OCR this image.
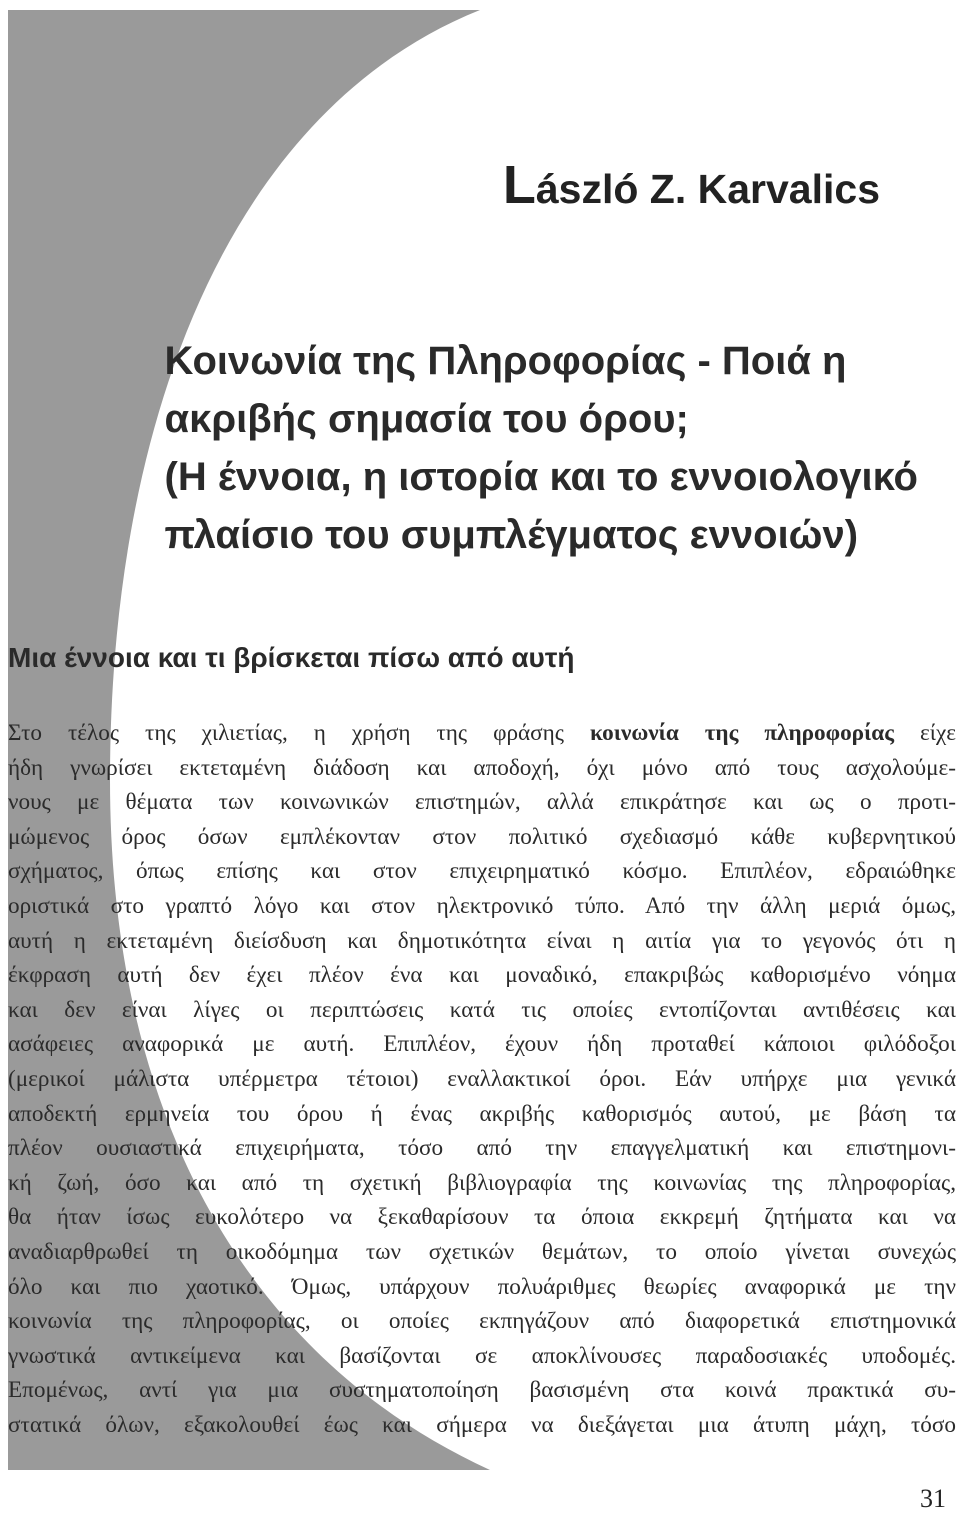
László Z. Karvalics
Κοινωνία της Πληροφορίας - Ποιά η
ακριβής σημασία του όρου;
(Η έννοια, η ιστορία και το εννοιολογικό
πλαίσιο του συμπλέγματος εννοιών)
Μια έννοια και τι βρίσκεται πίσω από αυτή
Στο τέλος της χιλιετίας, η χρήση της φράσης κοινωνία της πληροφορίας είχε
ήδη γνωρίσει εκτεταμένη διάδοση και αποδοχή, όχι μόνο από τους ασχολούμε-
νους με θέματα των κοινωνικών επιστημών, αλλά επικράτησε και ως ο προτι-
μώμενος όρος όσων εμπλέκονταν στον πολιτικό σχεδιασμό κάθε κυβερνητικού
σχήματος, όπως επίσης και στον επιχειρηματικό κόσμο. Επιπλέον, εδραιώθηκε
οριστικά στο γραπτό λόγο και στον ηλεκτρονικό τύπο. Από την άλλη μεριά όμως,
αυτή η εκτεταμένη διείσδυση και δημοτικότητα είναι η αιτία για το γεγονός ότι η
έκφραση αυτή δεν έχει πλέον ένα και μοναδικό, επακριβώς καθορισμένο νόημα
και δεν είναι λίγες οι περιπτώσεις κατά τις οποίες εντοπίζονται αντιθέσεις και
ασάφειες αναφορικά με αυτή. Επιπλέον, έχουν ήδη προταθεί κάποιοι φιλόδοξοι
(μερικοί μάλιστα υπέρμετρα τέτοιοι) εναλλακτικοί όροι. Εάν υπήρχε μια γενικά
αποδεκτή ερμηνεία του όρου ή ένας ακριβής καθορισμός αυτού, με βάση τα
πλέον ουσιαστικά επιχειρήματα, τόσο από την επαγγελματική και επιστημονι-
κή ζωή, όσο και από τη σχετική βιβλιογραφία της κοινωνίας της πληροφορίας,
θα ήταν ίσως ευκολότερο να ξεκαθαρίσουν τα όποια εκκρεμή ζητήματα και να
αναδιαρθρωθεί τη οικοδόμημα των σχετικών θεμάτων, το οποίο γίνεται συνεχώς
όλο και πιο χαοτικό. Όμως, υπάρχουν πολυάριθμες θεωρίες αναφορικά με την
κοινωνία της πληροφορίας, οι οποίες εκπηγάζουν από διαφορετικά επιστημονικά
γνωστικά αντικείμενα και βασίζονται σε αποκλίνουσες παραδοσιακές υποδομές.
Επομένως, αντί για μια συστηματοποίηση βασισμένη στα κοινά πρακτικά συ-
στατικά όλων, εξακολουθεί έως και σήμερα να διεξάγεται μια άτυπη μάχη, τόσο

31
